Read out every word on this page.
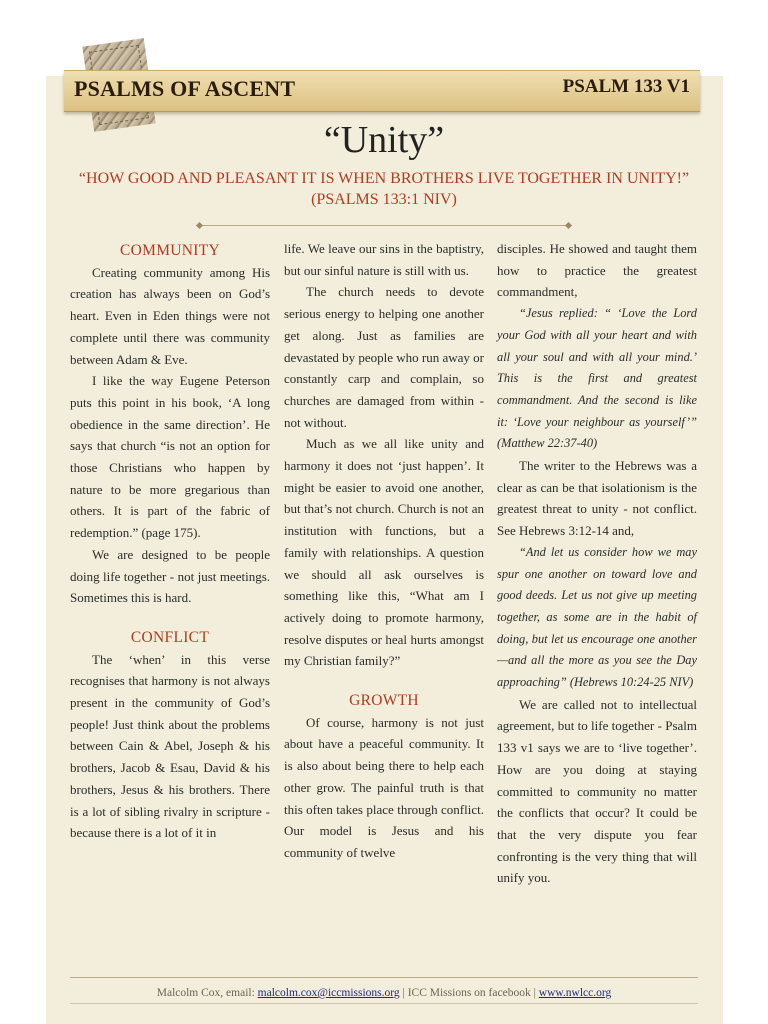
PSALMS OF ASCENT	PSALM 133 V1
“Unity”
“HOW GOOD AND PLEASANT IT IS WHEN BROTHERS LIVE TOGETHER IN UNITY!” (PSALMS 133:1 NIV)
COMMUNITY

Creating community among His creation has always been on God’s heart. Even in Eden things were not complete until there was community between Adam & Eve.

I like the way Eugene Peterson puts this point in his book, ‘A long obedience in the same direction’. He says that church “is not an option for those Christians who happen by nature to be more gregarious than others. It is part of the fabric of redemption.” (page 175).

We are designed to be people doing life together - not just meetings. Sometimes this is hard.

CONFLICT

The ‘when’ in this verse recognises that harmony is not always present in the community of God’s people! Just think about the problems between Cain & Abel, Joseph & his brothers, Jacob & Esau, David & his brothers, Jesus & his brothers. There is a lot of sibling rivalry in scripture - because there is a lot of it in

life. We leave our sins in the baptistry, but our sinful nature is still with us.

The church needs to devote serious energy to helping one another get along. Just as families are devastated by people who run away or constantly carp and complain, so churches are damaged from within - not without.

Much as we all like unity and harmony it does not ‘just happen’. It might be easier to avoid one another, but that’s not church. Church is not an institution with functions, but a family with relationships. A question we should all ask ourselves is something like this, “What am I actively doing to promote harmony, resolve disputes or heal hurts amongst my Christian family?”

GROWTH

Of course, harmony is not just about have a peaceful community. It is also about being there to help each other grow. The painful truth is that this often takes place through conflict. Our model is Jesus and his community of twelve

disciples. He showed and taught them how to practice the greatest commandment,

“Jesus replied: “ ‘Love the Lord your God with all your heart and with all your soul and with all your mind.’ This is the first and greatest commandment. And the second is like it: ‘Love your neighbour as yourself’” (Matthew 22:37-40)

The writer to the Hebrews was a clear as can be that isolationism is the greatest threat to unity - not conflict. See Hebrews 3:12-14 and,

“And let us consider how we may spur one another on toward love and good deeds. Let us not give up meeting together, as some are in the habit of doing, but let us encourage one another—and all the more as you see the Day approaching” (Hebrews 10:24-25 NIV)

We are called not to intellectual agreement, but to life together - Psalm 133 v1 says we are to ‘live together’. How are you doing at staying committed to community no matter the conflicts that occur? It could be that the very dispute you fear confronting is the very thing that will unify you.

Malcolm Cox, email: malcolm.cox@iccmissions.org | ICC Missions on facebook | www.nwlcc.org
